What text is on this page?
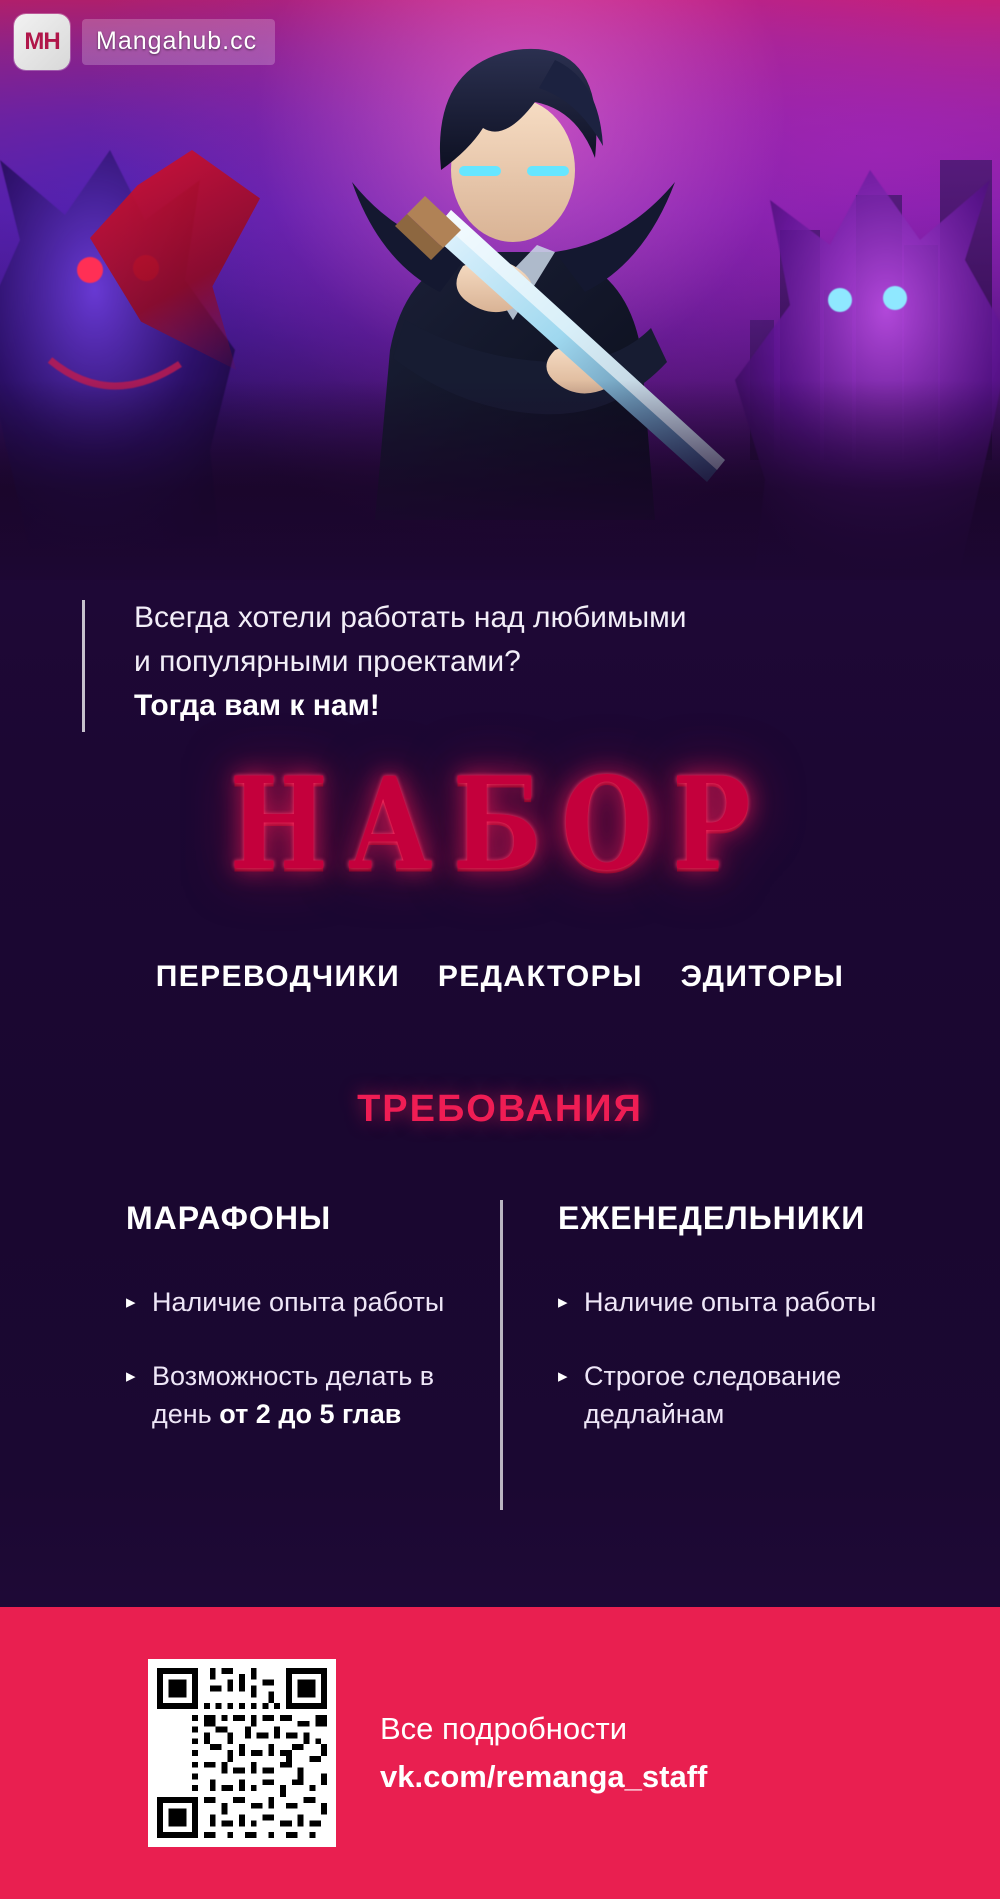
MH	Mangahub.cc

Всегда хотели работать над любимыми

и популярными проектами?

Тогда вам к нам!

НАБОР
ПЕРЕВОДЧИКИ РЕДАКТОРЫ ЭДИТОРЫ
ТРЕБОВАНИЯ
МАРАФОНЫ
▸ Наличие опыта работы
▸ Возможность делать в день от 2 до 5 глав
ЕЖЕНЕДЕЛЬНИКИ
▸ Наличие опыта работы
▸ Строгое следование дедлайнам
Все подробности
vk.com/remanga_staff
